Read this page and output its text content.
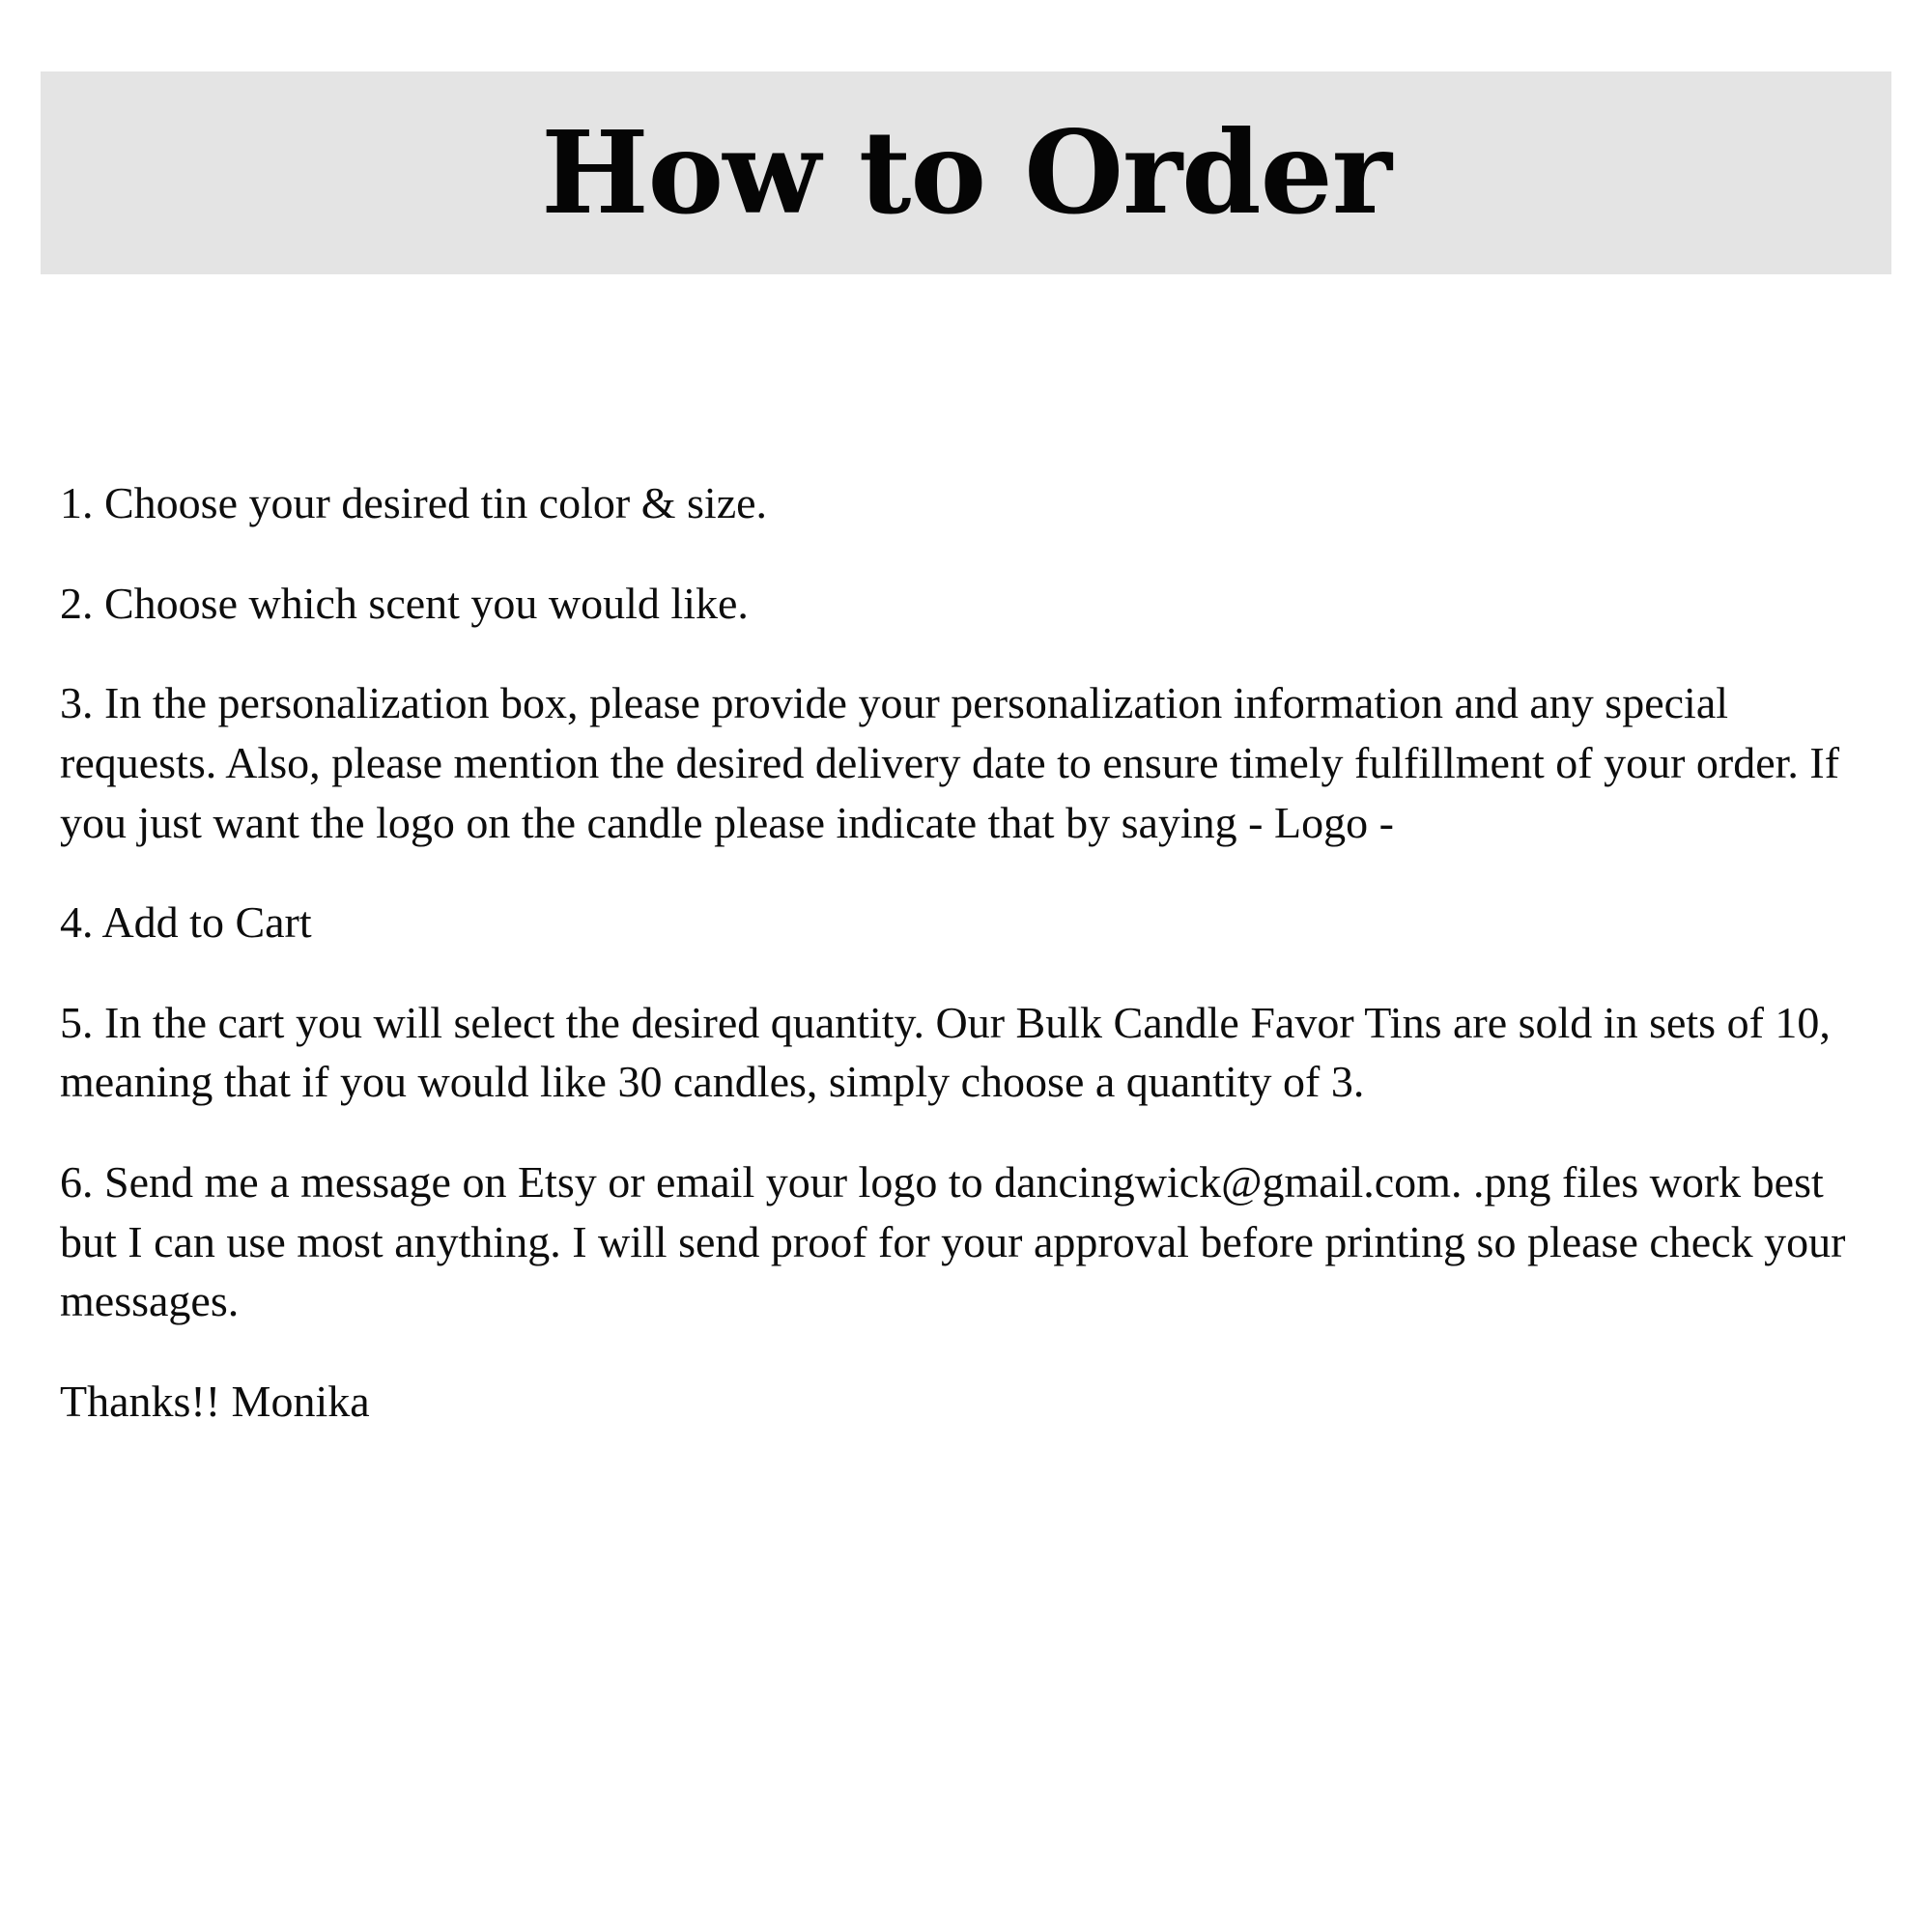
How to Order

1. Choose your desired tin color & size.

2. Choose which scent you would like.

3. In the personalization box, please provide your personalization information and any special requests. Also, please mention the desired delivery date to ensure timely fulfillment of your order. If you just want the logo on the candle please indicate that by saying - Logo -

4. Add to Cart

5. In the cart you will select the desired quantity. Our Bulk Candle Favor Tins are sold in sets of 10, meaning that if you would like 30 candles, simply choose a quantity of 3.

6. Send me a message on Etsy or email your logo to dancingwick@gmail.com. .png files work best but I can use most anything. I will send proof for your approval before printing so please check your messages.

Thanks!! Monika
